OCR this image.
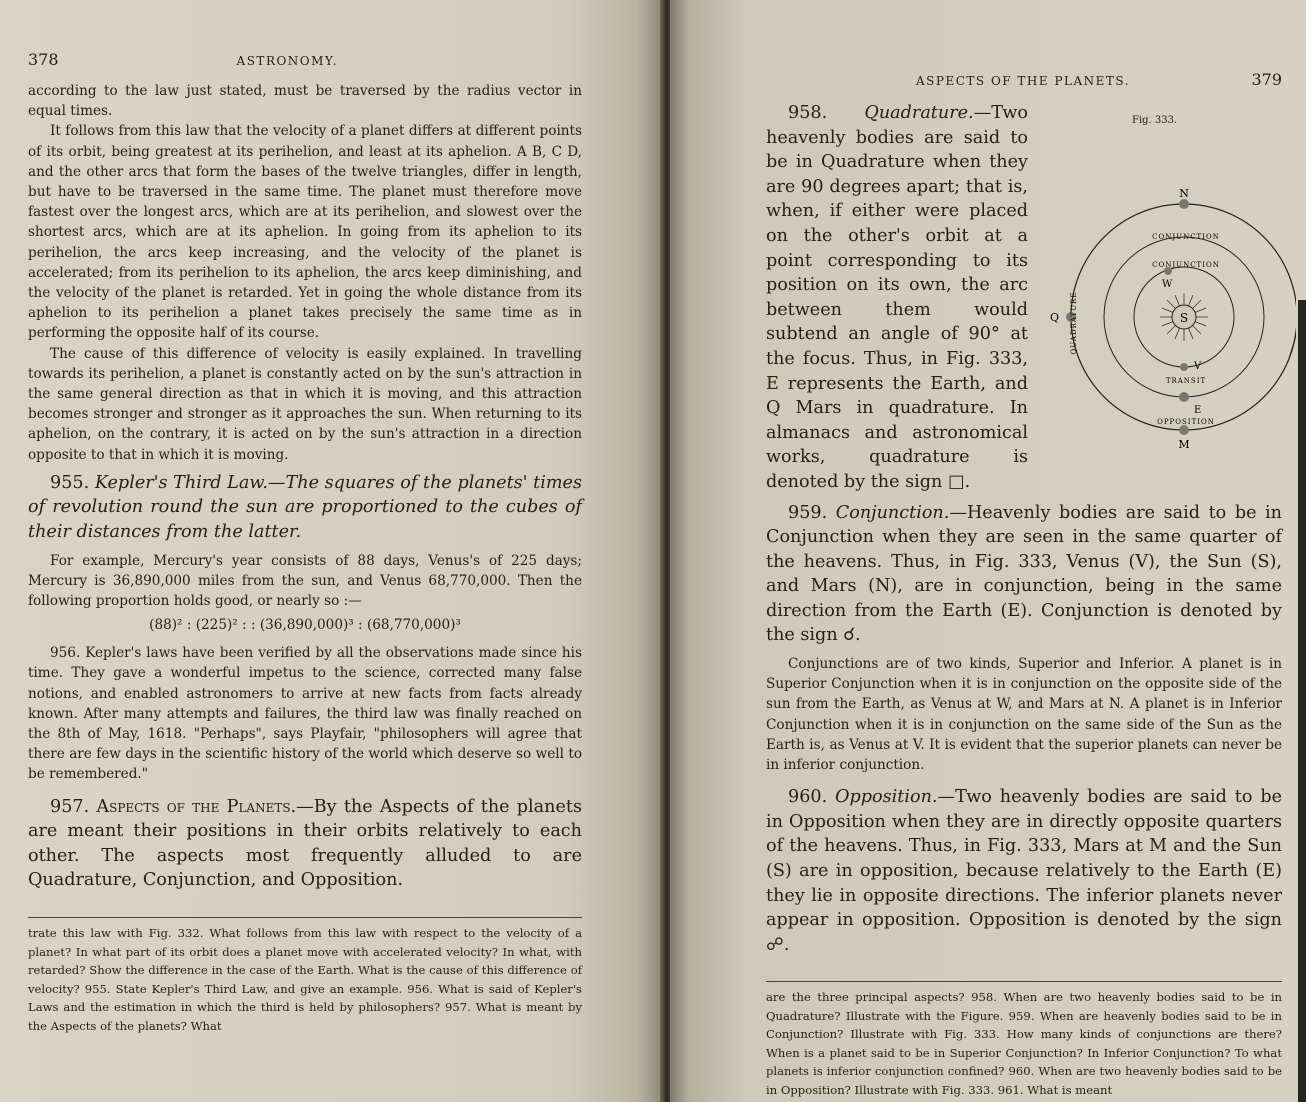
378	ASTRONOMY.

according to the law just stated, must be traversed by the radius vector in equal times.

It follows from this law that the velocity of a planet differs at different points of its orbit, being greatest at its perihelion, and least at its aphelion. A B, C D, and the other arcs that form the bases of the twelve triangles, differ in length, but have to be traversed in the same time. The planet must therefore move fastest over the longest arcs, which are at its perihelion, and slowest over the shortest arcs, which are at its aphelion. In going from its aphelion to its perihelion, the arcs keep increasing, and the velocity of the planet is accelerated; from its perihelion to its aphelion, the arcs keep diminishing, and the velocity of the planet is retarded. Yet in going the whole distance from its aphelion to its perihelion a planet takes precisely the same time as in performing the opposite half of its course.

The cause of this difference of velocity is easily explained. In travelling towards its perihelion, a planet is constantly acted on by the sun's attraction in the same general direction as that in which it is moving, and this attraction becomes stronger and stronger as it approaches the sun. When returning to its aphelion, on the contrary, it is acted on by the sun's attraction in a direction opposite to that in which it is moving.

955. Kepler's Third Law.—The squares of the planets' times of revolution round the sun are proportioned to the cubes of their distances from the latter.

For example, Mercury's year consists of 88 days, Venus's of 225 days; Mercury is 36,890,000 miles from the sun, and Venus 68,770,000. Then the following proportion holds good, or nearly so :—

(88)² : (225)² : : (36,890,000)³ : (68,770,000)³

956. Kepler's laws have been verified by all the observations made since his time. They gave a wonderful impetus to the science, corrected many false notions, and enabled astronomers to arrive at new facts from facts already known. After many attempts and failures, the third law was finally reached on the 8th of May, 1618. "Perhaps", says Playfair, "philosophers will agree that there are few days in the scientific history of the world which deserve so well to be remembered."

957. Aspects of the Planets.—By the Aspects of the planets are meant their positions in their orbits relatively to each other. The aspects most frequently alluded to are Quadrature, Conjunction, and Opposition.

trate this law with Fig. 332. What follows from this law with respect to the velocity of a planet? In what part of its orbit does a planet move with accelerated velocity? In what, with retarded? Show the difference in the case of the Earth. What is the cause of this difference of velocity? 955. State Kepler's Third Law, and give an example. 956. What is said of Kepler's Laws and the estimation in which the third is held by philosophers? 957. What is meant by the Aspects of the planets? What

ASPECTS OF THE PLANETS.	379
Fig. 333.
S
N
M
Q
W
V
E
CONJUNCTION
CONJUNCTION
TRANSIT
OPPOSITION
QUADRATURE

958. Quadrature.—Two heavenly bodies are said to be in Quadrature when they are 90 degrees apart; that is, when, if either were placed on the other's orbit at a point corresponding to its position on its own, the arc between them would subtend an angle of 90° at the focus. Thus, in Fig. 333, E represents the Earth, and Q Mars in quadrature. In almanacs and astronomical works, quadrature is denoted by the sign □.

959. Conjunction.—Heavenly bodies are said to be in Conjunction when they are seen in the same quarter of the heavens. Thus, in Fig. 333, Venus (V), the Sun (S), and Mars (N), are in conjunction, being in the same direction from the Earth (E). Conjunction is denoted by the sign ☌.

Conjunctions are of two kinds, Superior and Inferior. A planet is in Superior Conjunction when it is in conjunction on the opposite side of the sun from the Earth, as Venus at W, and Mars at N. A planet is in Inferior Conjunction when it is in conjunction on the same side of the Sun as the Earth is, as Venus at V. It is evident that the superior planets can never be in inferior conjunction.

960. Opposition.—Two heavenly bodies are said to be in Opposition when they are in directly opposite quarters of the heavens. Thus, in Fig. 333, Mars at M and the Sun (S) are in opposition, because relatively to the Earth (E) they lie in opposite directions. The inferior planets never appear in opposition. Opposition is denoted by the sign ☍.

are the three principal aspects? 958. When are two heavenly bodies said to be in Quadrature? Illustrate with the Figure. 959. When are heavenly bodies said to be in Conjunction? Illustrate with Fig. 333. How many kinds of conjunctions are there? When is a planet said to be in Superior Conjunction? In Inferior Conjunction? To what planets is inferior conjunction confined? 960. When are two heavenly bodies said to be in Opposition? Illustrate with Fig. 333. 961. What is meant
